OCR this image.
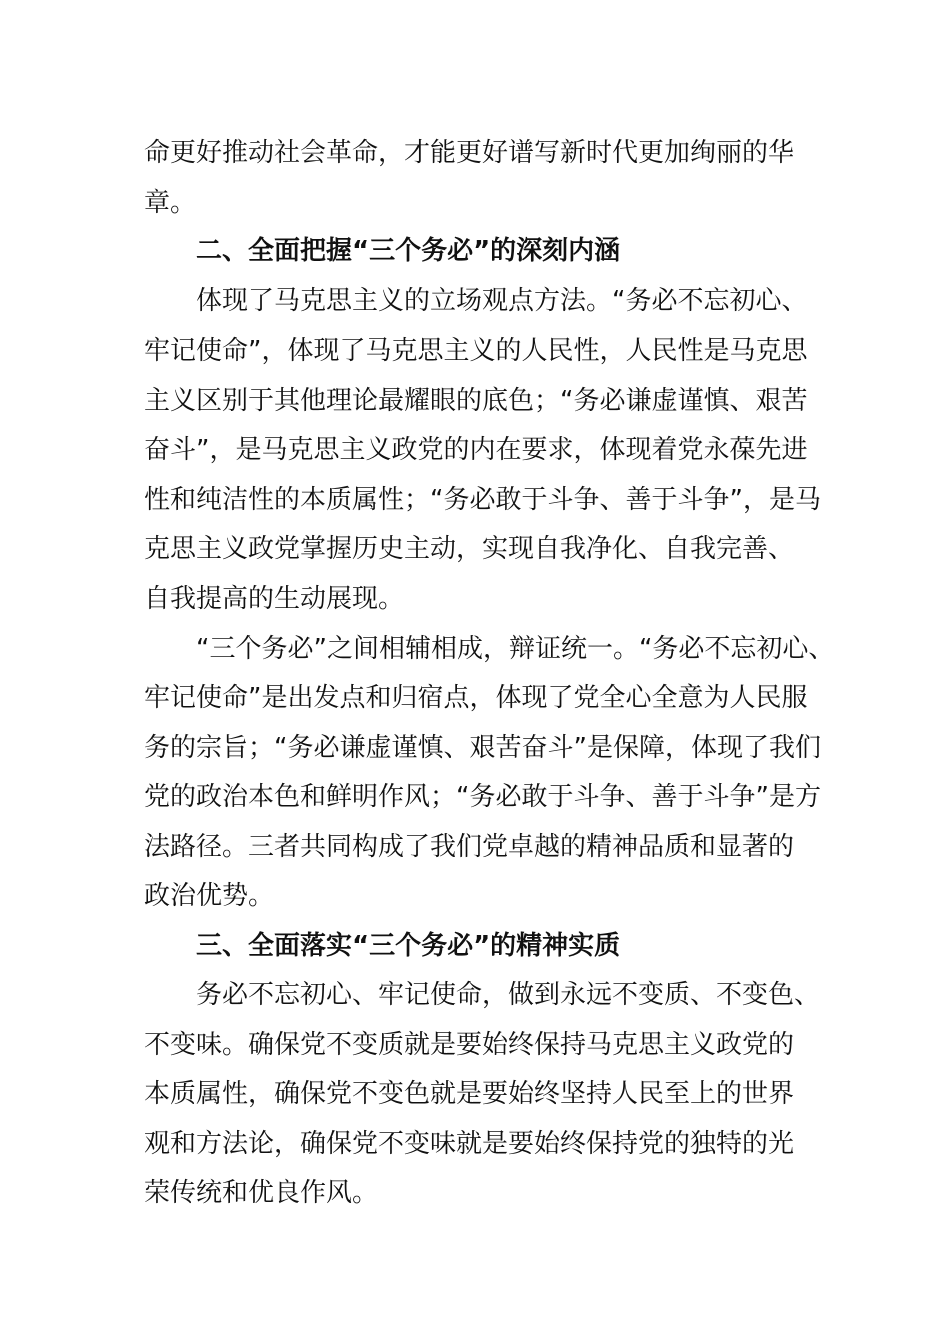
命更好推动社会革命，才能更好谱写新时代更加绚丽的华
章。
二、全面把握“三个务必”的深刻内涵
体现了马克思主义的立场观点方法。“务必不忘初心、
牢记使命”，体现了马克思主义的人民性，人民性是马克思
主义区别于其他理论最耀眼的底色；“务必谦虚谨慎、艰苦
奋斗”，是马克思主义政党的内在要求，体现着党永葆先进
性和纯洁性的本质属性；“务必敢于斗争、善于斗争”，是马
克思主义政党掌握历史主动，实现自我净化、自我完善、
自我提高的生动展现。
“三个务必”之间相辅相成，辩证统一。“务必不忘初心、
牢记使命”是出发点和归宿点，体现了党全心全意为人民服
务的宗旨；“务必谦虚谨慎、艰苦奋斗”是保障，体现了我们
党的政治本色和鲜明作风；“务必敢于斗争、善于斗争”是方
法路径。三者共同构成了我们党卓越的精神品质和显著的
政治优势。
三、全面落实“三个务必”的精神实质
务必不忘初心、牢记使命，做到永远不变质、不变色、
不变味。确保党不变质就是要始终保持马克思主义政党的
本质属性，确保党不变色就是要始终坚持人民至上的世界
观和方法论，确保党不变味就是要始终保持党的独特的光
荣传统和优良作风。
